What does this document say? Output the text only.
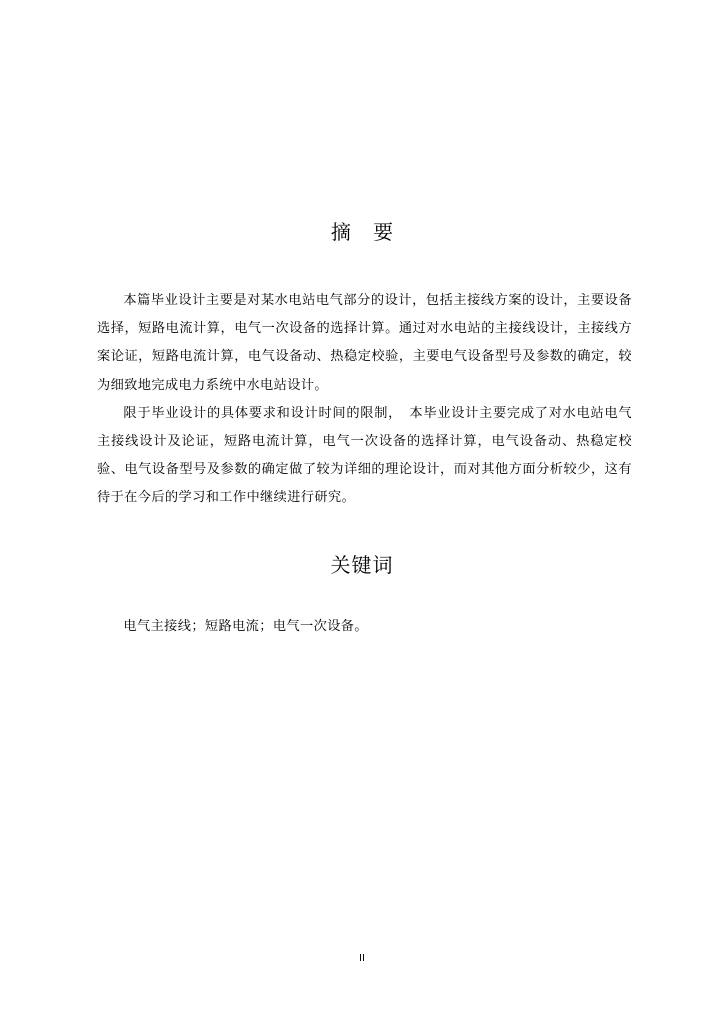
摘 要

本篇毕业设计主要是对某水电站电气部分的设计，包括主接线方案的设计，主要设备选择，短路电流计算，电气一次设备的选择计算。通过对水电站的主接线设计，主接线方案论证，短路电流计算，电气设备动、热稳定校验，主要电气设备型号及参数的确定，较为细致地完成电力系统中水电站设计。

限于毕业设计的具体要求和设计时间的限制，　本毕业设计主要完成了对水电站电气主接线设计及论证，短路电流计算，电气一次设备的选择计算，电气设备动、热稳定校验、电气设备型号及参数的确定做了较为详细的理论设计，而对其他方面分析较少，这有待于在今后的学习和工作中继续进行研究。

关键词

电气主接线；短路电流；电气一次设备。

II
